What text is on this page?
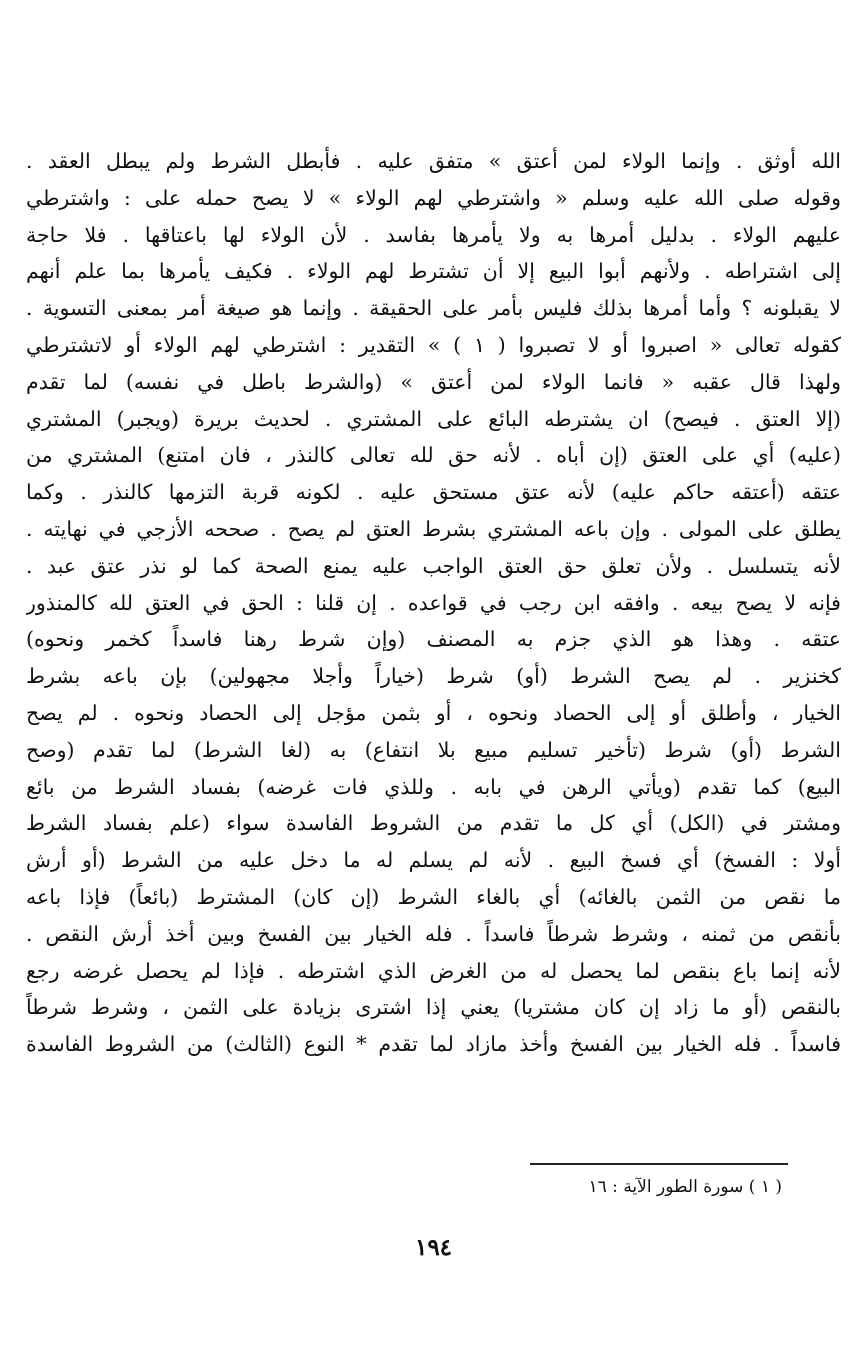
الله أوثق . وإنما الولاء لمن أعتق » متفق عليه . فأبطل الشرط ولم يبطل العقد .
وقوله صلى الله عليه وسلم « واشترطي لهم الولاء » لا يصح حمله على : واشترطي
عليهم الولاء . بدليل أمرها به ولا يأمرها بفاسد . لأن الولاء لها باعتاقها . فلا حاجة
إلى اشتراطه . ولأنهم أبوا البيع إلا أن تشترط لهم الولاء . فكيف يأمرها بما علم أنهم
لا يقبلونه ؟ وأما أمرها بذلك فليس بأمر على الحقيقة . وإنما هو صيغة أمر بمعنى التسوية .
كقوله تعالى « اصبروا أو لا تصبروا ( ١ ) » التقدير : اشترطي لهم الولاء أو لاتشترطي
ولهذا قال عقبه « فانما الولاء لمن أعتق » (والشرط باطل في نفسه) لما تقدم
(إلا العتق . فيصح) ان يشترطه البائع على المشتري . لحديث بريرة (ويجبر) المشتري
(عليه) أي على العتق (إن أباه . لأنه حق لله تعالى كالنذر ، فان امتنع) المشتري من
عتقه (أعتقه حاكم عليه) لأنه عتق مستحق عليه . لكونه قربة التزمها كالنذر . وكما
يطلق على المولى . وإن باعه المشتري بشرط العتق لم يصح . صححه الأزجي في نهايته .
لأنه يتسلسل . ولأن تعلق حق العتق الواجب عليه يمنع الصحة كما لو نذر عتق عبد .
فإنه لا يصح بيعه . وافقه ابن رجب في قواعده . إن قلنا : الحق في العتق لله كالمنذور
عتقه . وهذا هو الذي جزم به المصنف (وإن شرط رهنا فاسداً كخمر ونحوه)
كخنزير . لم يصح الشرط (أو) شرط (خياراً وأجلا مجهولين) بإن باعه بشرط
الخيار ، وأطلق أو إلى الحصاد ونحوه ، أو بثمن مؤجل إلى الحصاد ونحوه . لم يصح
الشرط (أو) شرط (تأخير تسليم مبيع بلا انتفاع) به (لغا الشرط) لما تقدم (وصح
البيع) كما تقدم (ويأتي الرهن في بابه . وللذي فات غرضه) بفساد الشرط من بائع
ومشتر في (الكل) أي كل ما تقدم من الشروط الفاسدة سواء (علم بفساد الشرط
أولا : الفسخ) أي فسخ البيع . لأنه لم يسلم له ما دخل عليه من الشرط (أو أرش
ما نقص من الثمن بالغائه) أي بالغاء الشرط (إن كان) المشترط (بائعاً) فإذا باعه
بأنقص من ثمنه ، وشرط شرطاً فاسداً . فله الخيار بين الفسخ وبين أخذ أرش النقص .
لأنه إنما باع بنقص لما يحصل له من الغرض الذي اشترطه . فإذا لم يحصل غرضه رجع
بالنقص (أو ما زاد إن كان مشتريا) يعني إذا اشترى بزيادة على الثمن ، وشرط شرطاً
فاسداً . فله الخيار بين الفسخ وأخذ مازاد لما تقدم * النوع (الثالث) من الشروط الفاسدة
( ١ ) سورة الطور الآية : ١٦
١٩٤
